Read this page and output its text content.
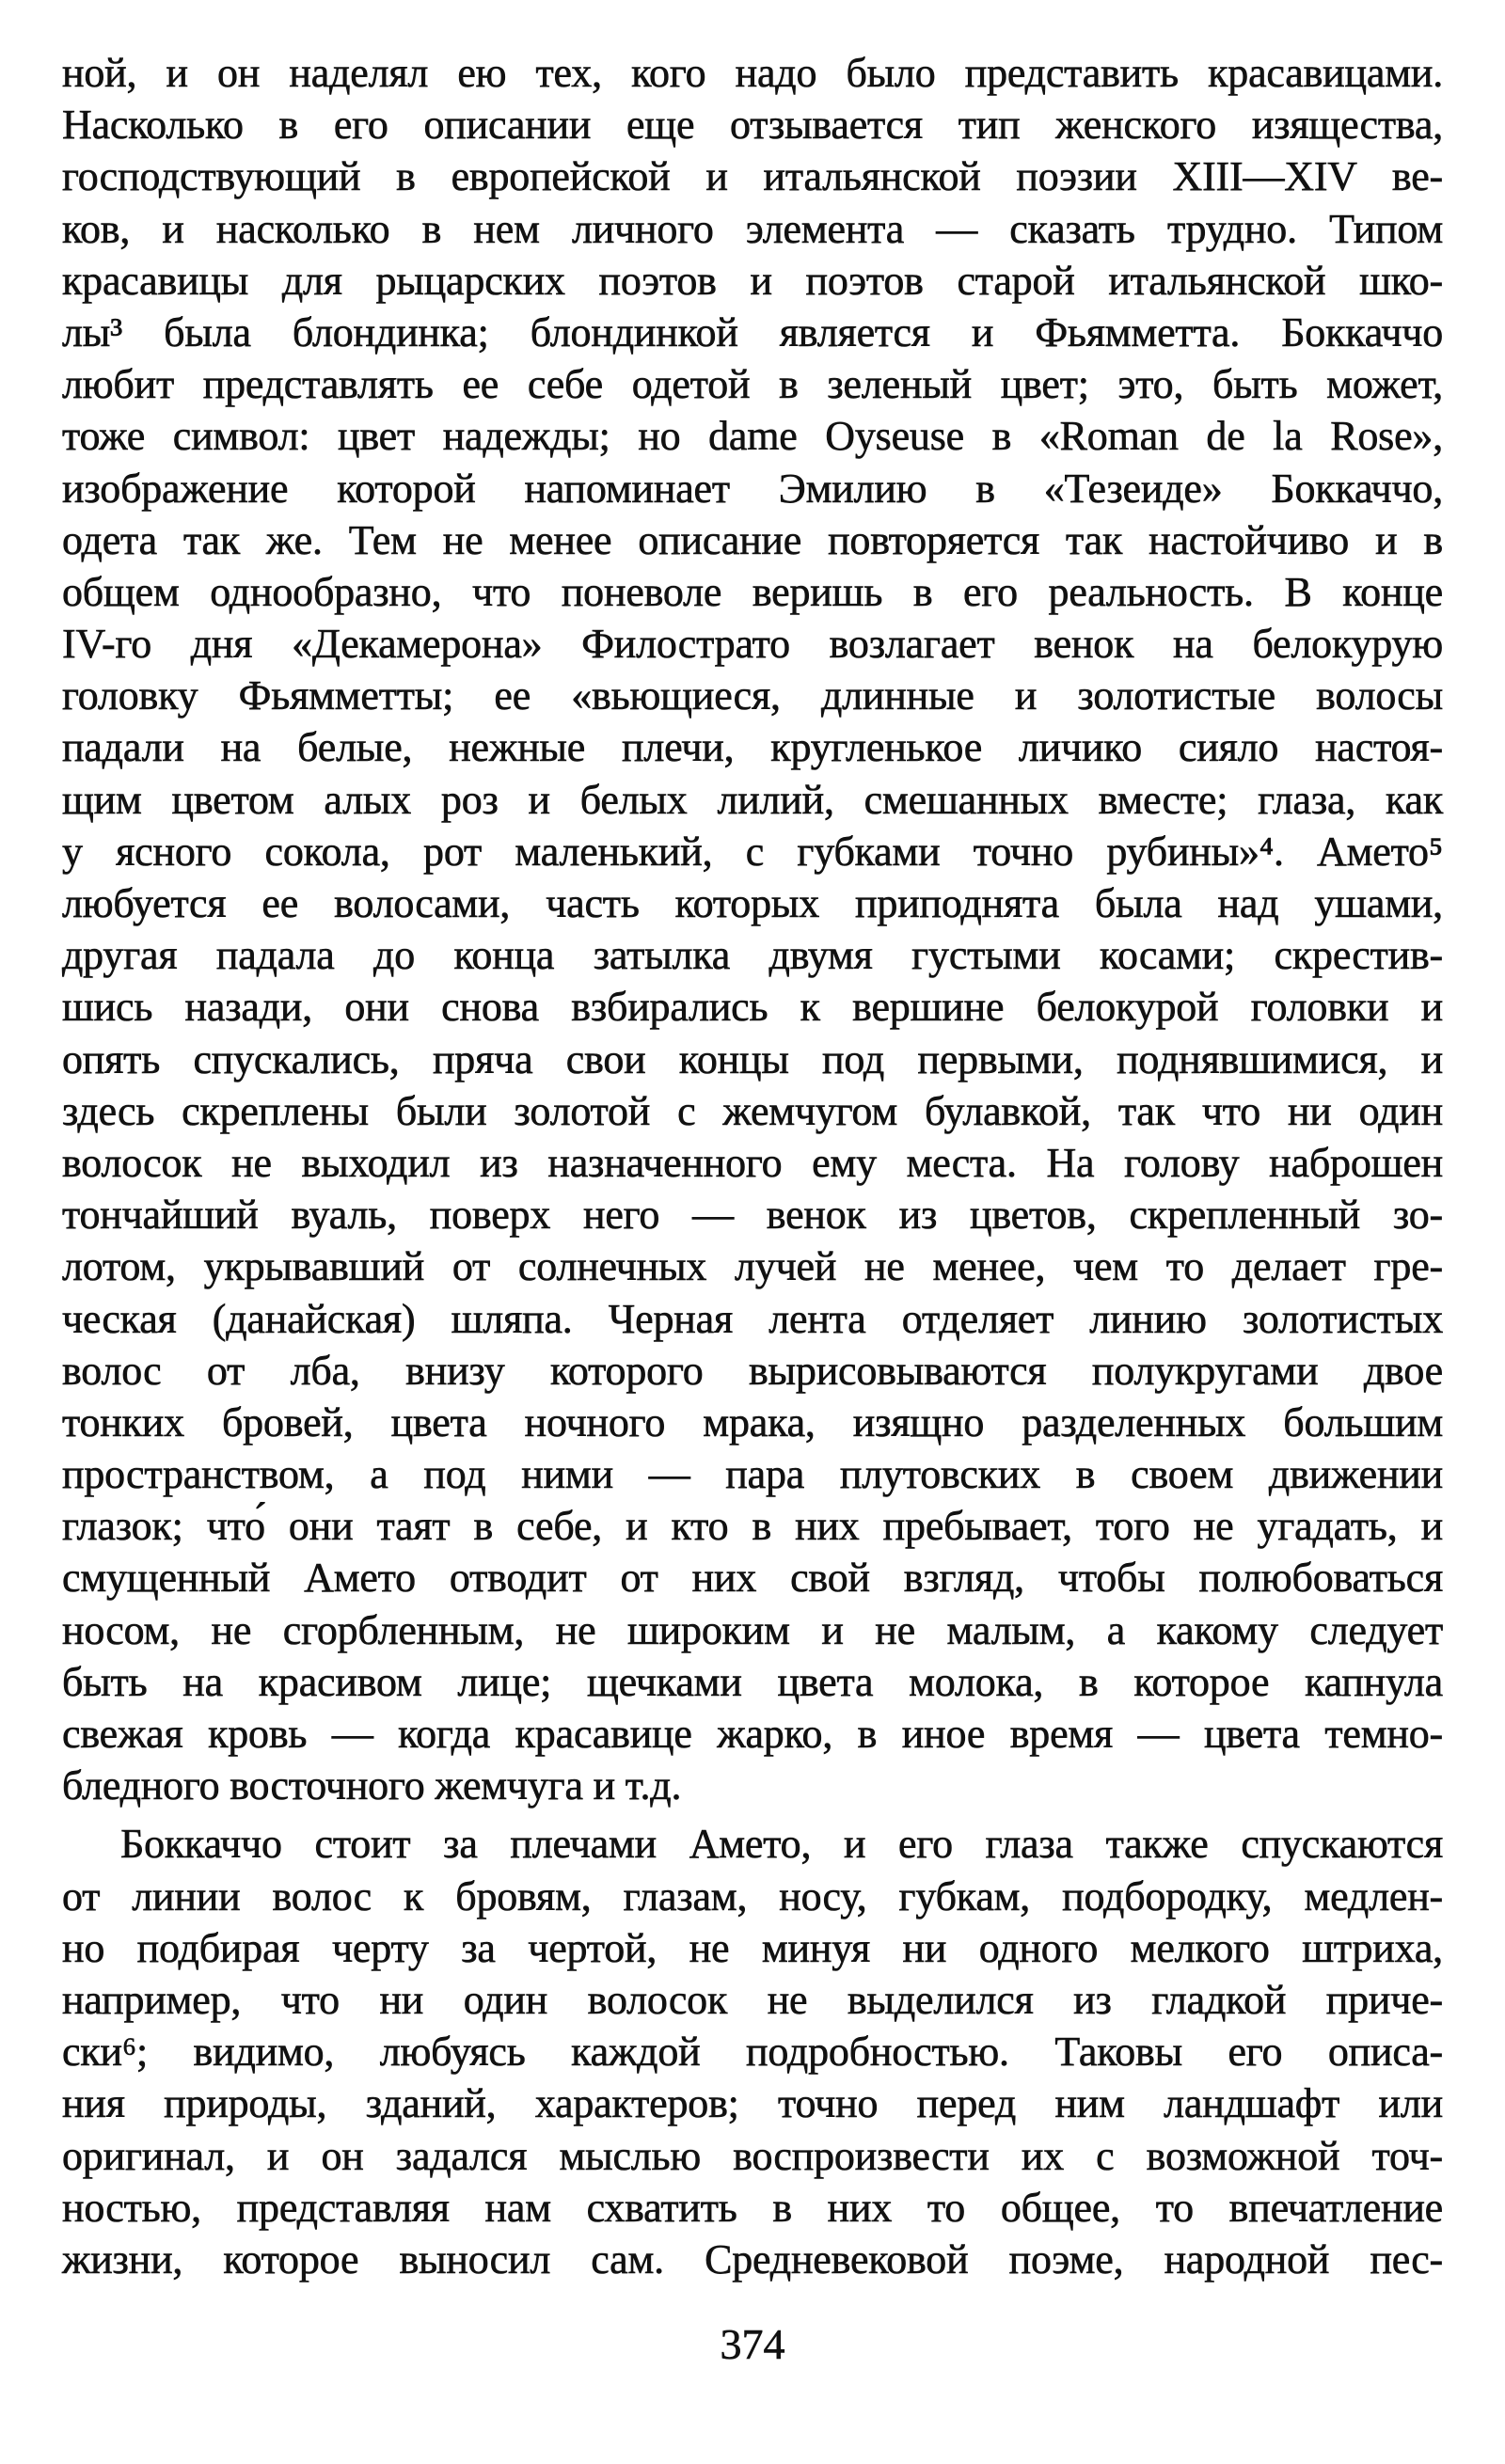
ной, и он наделял ею тех, кого надо было представить красавицами.
Насколько в его описании еще отзывается тип женского изящества,
господствующий в европейской и итальянской поэзии XIII—XIV ве-
ков, и насколько в нем личного элемента — сказать трудно. Типом
красавицы для рыцарских поэтов и поэтов старой итальянской шко-
лы³ была блондинка; блондинкой является и Фьямметта. Боккаччо
любит представлять ее себе одетой в зеленый цвет; это, быть может,
тоже символ: цвет надежды; но dame Oyseuse в «Roman de la Rose»,
изображение которой напоминает Эмилию в «Тезеиде» Боккаччо,
одета так же. Тем не менее описание повторяется так настойчиво и в
общем однообразно, что поневоле веришь в его реальность. В конце
IV-го дня «Декамерона» Филострато возлагает венок на белокурую
головку Фьямметты; ее «вьющиеся, длинные и золотистые волосы
падали на белые, нежные плечи, кругленькое личико сияло настоя-
щим цветом алых роз и белых лилий, смешанных вместе; глаза, как
у ясного сокола, рот маленький, с губками точно рубины»⁴. Амето⁵
любуется ее волосами, часть которых приподнята была над ушами,
другая падала до конца затылка двумя густыми косами; скрестив-
шись назади, они снова взбирались к вершине белокурой головки и
опять спускались, пряча свои концы под первыми, поднявшимися, и
здесь скреплены были золотой с жемчугом булавкой, так что ни один
волосок не выходил из назначенного ему места. На голову наброшен
тончайший вуаль, поверх него — венок из цветов, скрепленный зо-
лотом, укрывавший от солнечных лучей не менее, чем то делает гре-
ческая (данайская) шляпа. Черная лента отделяет линию золотистых
волос от лба, внизу которого вырисовываются полукругами двое
тонких бровей, цвета ночного мрака, изящно разделенных большим
пространством, а под ними — пара плутовских в своем движении
глазок; что́ они таят в себе, и кто в них пребывает, того не угадать, и
смущенный Амето отводит от них свой взгляд, чтобы полюбоваться
носом, не сгорбленным, не широким и не малым, а какому следует
быть на красивом лице; щечками цвета молока, в которое капнула
свежая кровь — когда красавице жарко, в иное время — цвета темно-
бледного восточного жемчуга и т.д.
Боккаччо стоит за плечами Амето, и его глаза также спускаются
от линии волос к бровям, глазам, носу, губкам, подбородку, медлен-
но подбирая черту за чертой, не минуя ни одного мелкого штриха,
например, что ни один волосок не выделился из гладкой приче-
ски⁶; видимо, любуясь каждой подробностью. Таковы его описа-
ния природы, зданий, характеров; точно перед ним ландшафт или
оригинал, и он задался мыслью воспроизвести их с возможной точ-
ностью, представляя нам схватить в них то общее, то впечатление
жизни, которое выносил сам. Средневековой поэме, народной пес-
374
